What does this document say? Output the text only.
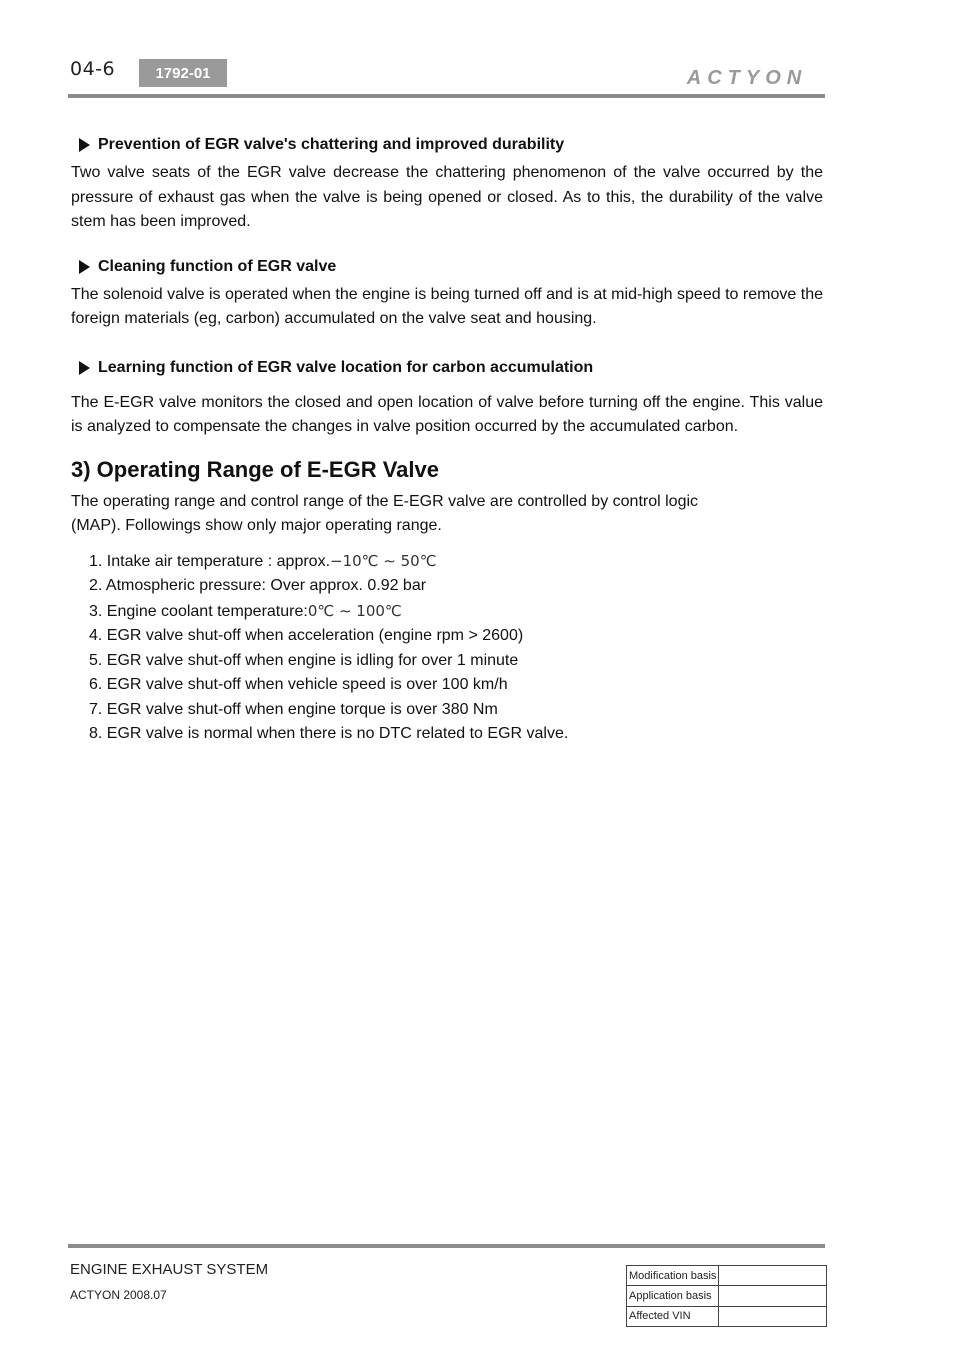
04-6	1792-01	ACTYON
Prevention of EGR valve's chattering and improved durability

Two valve seats of the EGR valve decrease the chattering phenomenon of the valve occurred by the pressure of exhaust gas when the valve is being opened or closed. As to this, the durability of the valve stem has been improved.

Cleaning function of EGR valve

The solenoid valve is operated when the engine is being turned off and is at mid-high speed to remove the foreign materials (eg, carbon) accumulated on the valve seat and housing.

Learning function of EGR valve location for carbon accumulation

The E-EGR valve monitors the closed and open location of valve before turning off the engine. This value is analyzed to compensate the changes in valve position occurred by the accumulated carbon.

3) Operating Range of E-EGR Valve

The operating range and control range of the E-EGR valve are controlled by control logic
(MAP). Followings show only major operating range.

1. Intake air temperature : approx.−10℃ ∼ 50℃
2. Atmospheric pressure: Over approx. 0.92 bar
3. Engine coolant temperature:0℃ ∼ 100℃
4. EGR valve shut-off when acceleration (engine rpm > 2600)
5. EGR valve shut-off when engine is idling for over 1 minute
6. EGR valve shut-off when vehicle speed is over 100 km/h
7. EGR valve shut-off when engine torque is over 380 Nm
8. EGR valve is normal when there is no DTC related to EGR valve.
ENGINE EXHAUST SYSTEM
ACTYON 2008.07
Modification basis	
Application basis	
Affected VIN	
